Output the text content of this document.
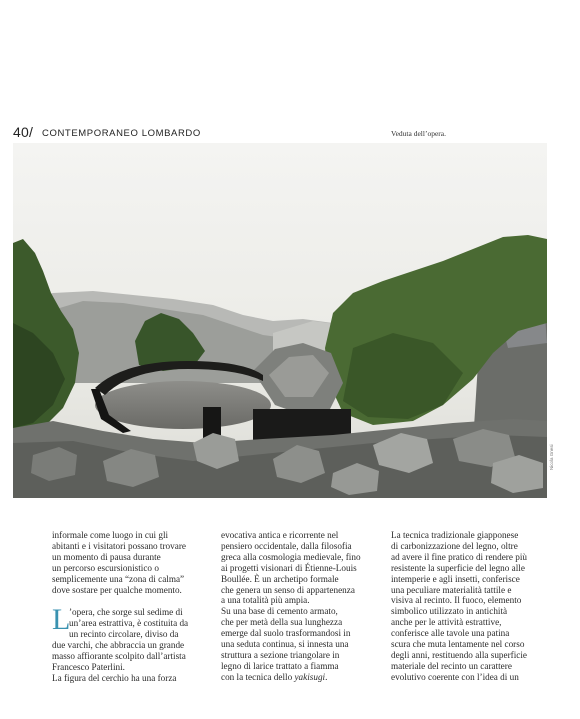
40/ CONTEMPORANEO LOMBARDO	Veduta dell’opera.
Nicola Gnesi

informale come luogo in cui gli

abitanti e i visitatori possano trovare

un momento di pausa durante

un percorso escursionistico o

semplicemente una “zona di calma”

dove sostare per qualche momento.

L

’opera, che sorge sul sedime di

un’area estrattiva, è costituita da

un recinto circolare, diviso da

due varchi, che abbraccia un grande

masso affiorante scolpito dall’artista

Francesco Paterlini.

La figura del cerchio ha una forza

evocativa antica e ricorrente nel

pensiero occidentale, dalla filosofia

greca alla cosmologia medievale, fino

ai progetti visionari di Étienne-Louis

Boullée. È un archetipo formale

che genera un senso di appartenenza

a una totalità più ampia.

Su una base di cemento armato,

che per metà della sua lunghezza

emerge dal suolo trasformandosi in

una seduta continua, si innesta una

struttura a sezione triangolare in

legno di larice trattato a fiamma

con la tecnica dello yakisugi.

La tecnica tradizionale giapponese

di carbonizzazione del legno, oltre

ad avere il fine pratico di rendere più

resistente la superficie del legno alle

intemperie e agli insetti, conferisce

una peculiare materialità tattile e

visiva al recinto. Il fuoco, elemento

simbolico utilizzato in antichità

anche per le attività estrattive,

conferisce alle tavole una patina

scura che muta lentamente nel corso

degli anni, restituendo alla superficie

materiale del recinto un carattere

evolutivo coerente con l’idea di un
